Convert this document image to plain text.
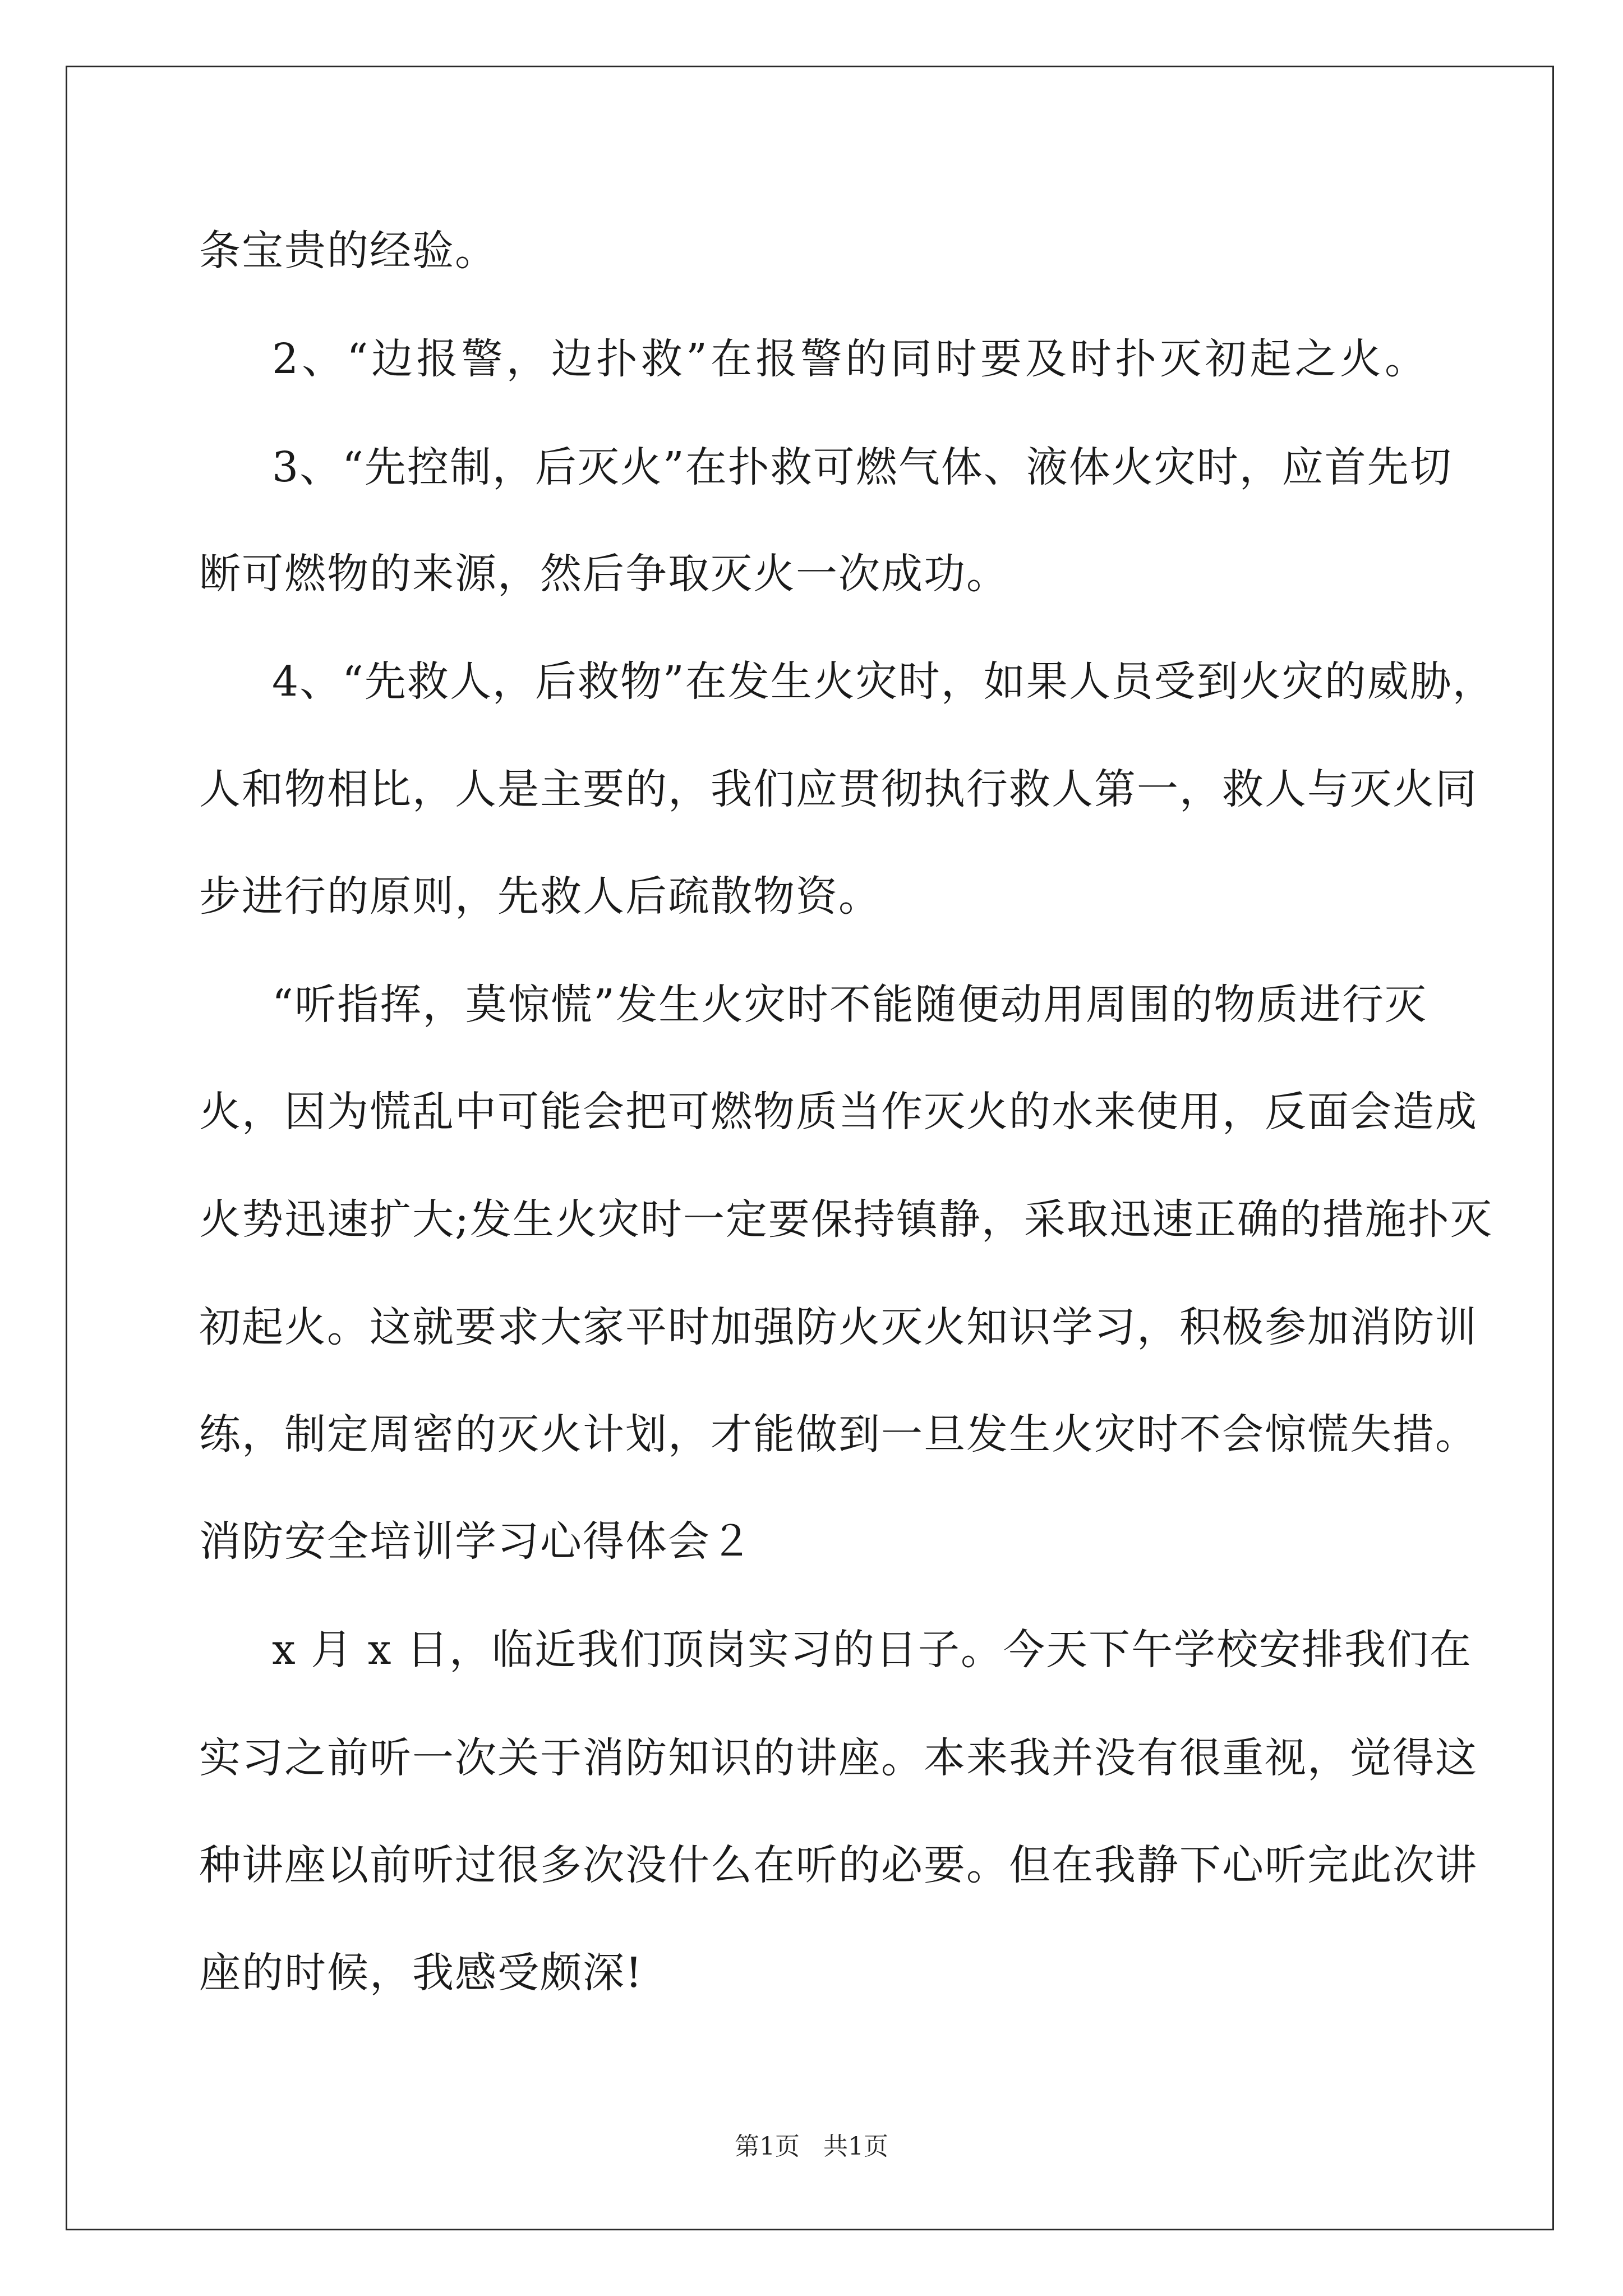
条宝贵的经验。
2、“边报警，边扑救”在报警的同时要及时扑灭初起之火。
3、“先控制，后灭火”在扑救可燃气体、液体火灾时，应首先切
断可燃物的来源，然后争取灭火一次成功。
4、“先救人，后救物”在发生火灾时，如果人员受到火灾的威胁，
人和物相比，人是主要的，我们应贯彻执行救人第一，救人与灭火同
步进行的原则，先救人后疏散物资。
“听指挥，莫惊慌”发生火灾时不能随便动用周围的物质进行灭
火，因为慌乱中可能会把可燃物质当作灭火的水来使用，反面会造成
火势迅速扩大;发生火灾时一定要保持镇静，采取迅速正确的措施扑灭
初起火。这就要求大家平时加强防火灭火知识学习，积极参加消防训
练，制定周密的灭火计划，才能做到一旦发生火灾时不会惊慌失措。
消防安全培训学习心得体会２
x 月 x 日，临近我们顶岗实习的日子。今天下午学校安排我们在
实习之前听一次关于消防知识的讲座。本来我并没有很重视，觉得这
种讲座以前听过很多次没什么在听的必要。但在我静下心听完此次讲
座的时候，我感受颇深!
第1页   共1页
